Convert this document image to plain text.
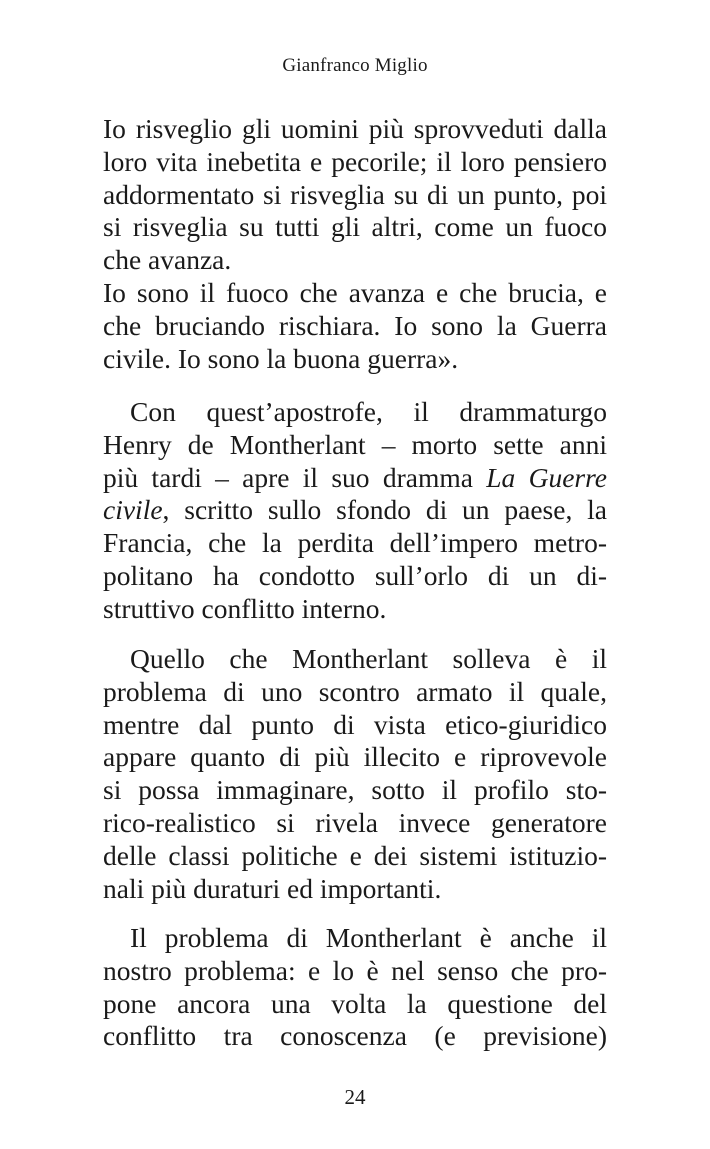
Gianfranco Miglio
Io risveglio gli uomini più sprovveduti dalla
loro vita inebetita e pecorile; il loro pensiero
addormentato si risveglia su di un punto, poi
si risveglia su tutti gli altri, come un fuoco
che avanza.
Io sono il fuoco che avanza e che brucia, e
che bruciando rischiara. Io sono la Guerra
civile. Io sono la buona guerra».
Con quest’apostrofe, il drammaturgo
Henry de Montherlant – morto sette anni
più tardi – apre il suo dramma La Guerre
civile, scritto sullo sfondo di un paese, la
Francia, che la perdita dell’impero metro-
politano ha condotto sull’orlo di un di-
struttivo conflitto interno.
Quello che Montherlant solleva è il
problema di uno scontro armato il quale,
mentre dal punto di vista etico-giuridico
appare quanto di più illecito e riprovevole
si possa immaginare, sotto il profilo sto-
rico-realistico si rivela invece generatore
delle classi politiche e dei sistemi istituzio-
nali più duraturi ed importanti.
Il problema di Montherlant è anche il
nostro problema: e lo è nel senso che pro-
pone ancora una volta la questione del
conflitto tra conoscenza (e previsione)
24
